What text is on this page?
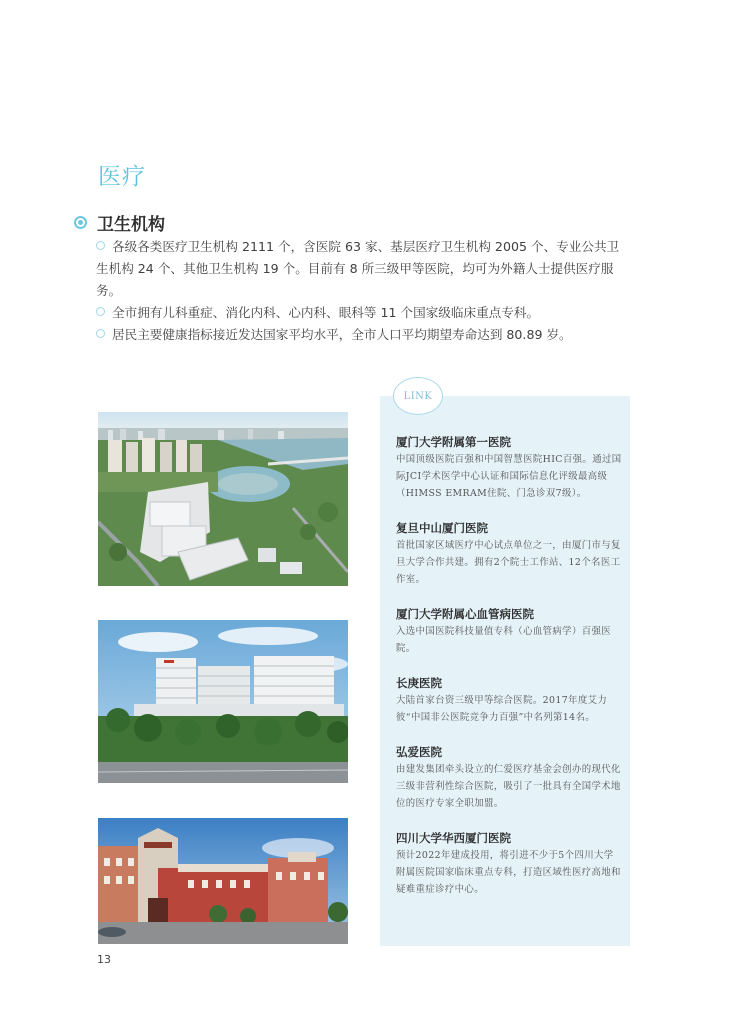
医疗
卫生机构

各级各类医疗卫生机构 2111 个，含医院 63 家、基层医疗卫生机构 2005 个、专业公共卫生机构 24 个、其他卫生机构 19 个。目前有 8 所三级甲等医院，均可为外籍人士提供医疗服务。

全市拥有儿科重症、消化内科、心内科、眼科等 11 个国家级临床重点专科。

居民主要健康指标接近发达国家平均水平，全市人口平均期望寿命达到 80.89 岁。

LINK
厦门大学附属第一医院
中国顶级医院百强和中国智慧医院HIC百强。通过国际JCI学术医学中心认证和国际信息化评级最高级（HIMSS EMRAM住院、门急诊双7级）。
复旦中山厦门医院
首批国家区域医疗中心试点单位之一，由厦门市与复旦大学合作共建。拥有2个院士工作站、12个名医工作室。
厦门大学附属心血管病医院
入选中国医院科技量值专科（心血管病学）百强医院。
长庚医院
大陆首家台资三级甲等综合医院。2017年度艾力彼“中国非公医院竞争力百强”中名列第14名。
弘爱医院
由建发集团牵头设立的仁爱医疗基金会创办的现代化三级非营利性综合医院，吸引了一批具有全国学术地位的医疗专家全职加盟。
四川大学华西厦门医院
预计2022年建成投用，将引进不少于5个四川大学附属医院国家临床重点专科，打造区域性医疗高地和疑难重症诊疗中心。
13
